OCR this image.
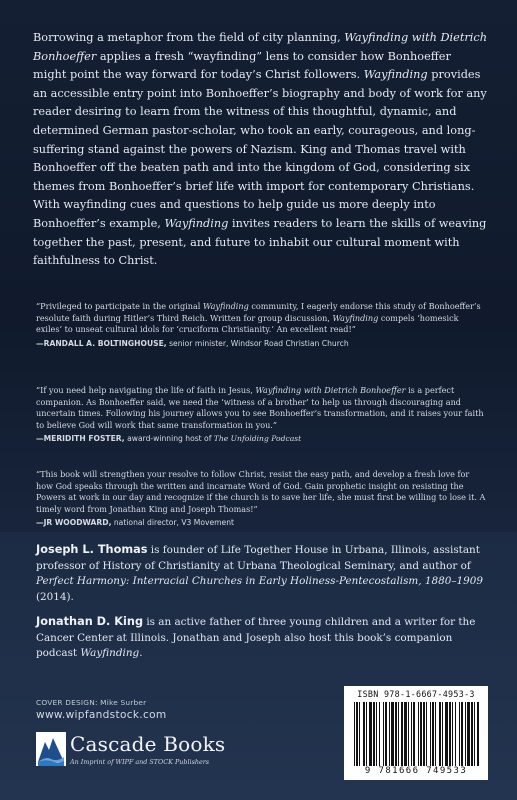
Borrowing a metaphor from the field of city planning, Wayfinding with Dietrich Bonhoeffer applies a fresh “wayfinding” lens to consider how Bonhoeffer might point the way forward for today’s Christ followers. Wayfinding provides an accessible entry point into Bonhoeffer’s biography and body of work for any reader desiring to learn from the witness of this thoughtful, dynamic, and determined German pastor-scholar, who took an early, courageous, and long-suffering stand against the powers of Nazism. King and Thomas travel with Bonhoeffer off the beaten path and into the kingdom of God, considering six themes from Bonhoeffer’s brief life with import for contemporary Christians. With wayfinding cues and questions to help guide us more deeply into Bonhoeffer’s example, Wayfinding invites readers to learn the skills of weaving together the past, present, and future to inhabit our cultural moment with faithfulness to Christ.

“Privileged to participate in the original Wayfinding community, I eagerly endorse this study of Bonhoeffer’s resolute faith during Hitler’s Third Reich. Written for group discussion, Wayfinding compels ‘homesick exiles’ to unseat cultural idols for ‘cruciform Christianity.’ An excellent read!”
—RANDALL A. BOLTINGHOUSE, senior minister, Windsor Road Christian Church

“If you need help navigating the life of faith in Jesus, Wayfinding with Dietrich Bonhoeffer is a perfect companion. As Bonhoeffer said, we need the ‘witness of a brother’ to help us through discouraging and uncertain times. Following his journey allows you to see Bonhoeffer’s transformation, and it raises your faith to believe God will work that same transformation in you.”
—MERIDITH FOSTER, award-winning host of The Unfolding Podcast

“This book will strengthen your resolve to follow Christ, resist the easy path, and develop a fresh love for how God speaks through the written and incarnate Word of God. Gain prophetic insight on resisting the Powers at work in our day and recognize if the church is to save her life, she must first be willing to lose it. A timely word from Jonathan King and Joseph Thomas!”
—JR WOODWARD, national director, V3 Movement

Joseph L. Thomas is founder of Life Together House in Urbana, Illinois, assistant professor of History of Christianity at Urbana Theological Seminary, and author of Perfect Harmony: Interracial Churches in Early Holiness-Pentecostalism, 1880–1909 (2014).

Jonathan D. King is an active father of three young children and a writer for the Cancer Center at Illinois. Jonathan and Joseph also host this book’s companion podcast Wayfinding.

COVER DESIGN: Mike Surber
www.wipfandstock.com
Cascade Books
An Imprint of WIPF and STOCK Publishers
ISBN 978-1-6667-4953-3
9 781666 749533
